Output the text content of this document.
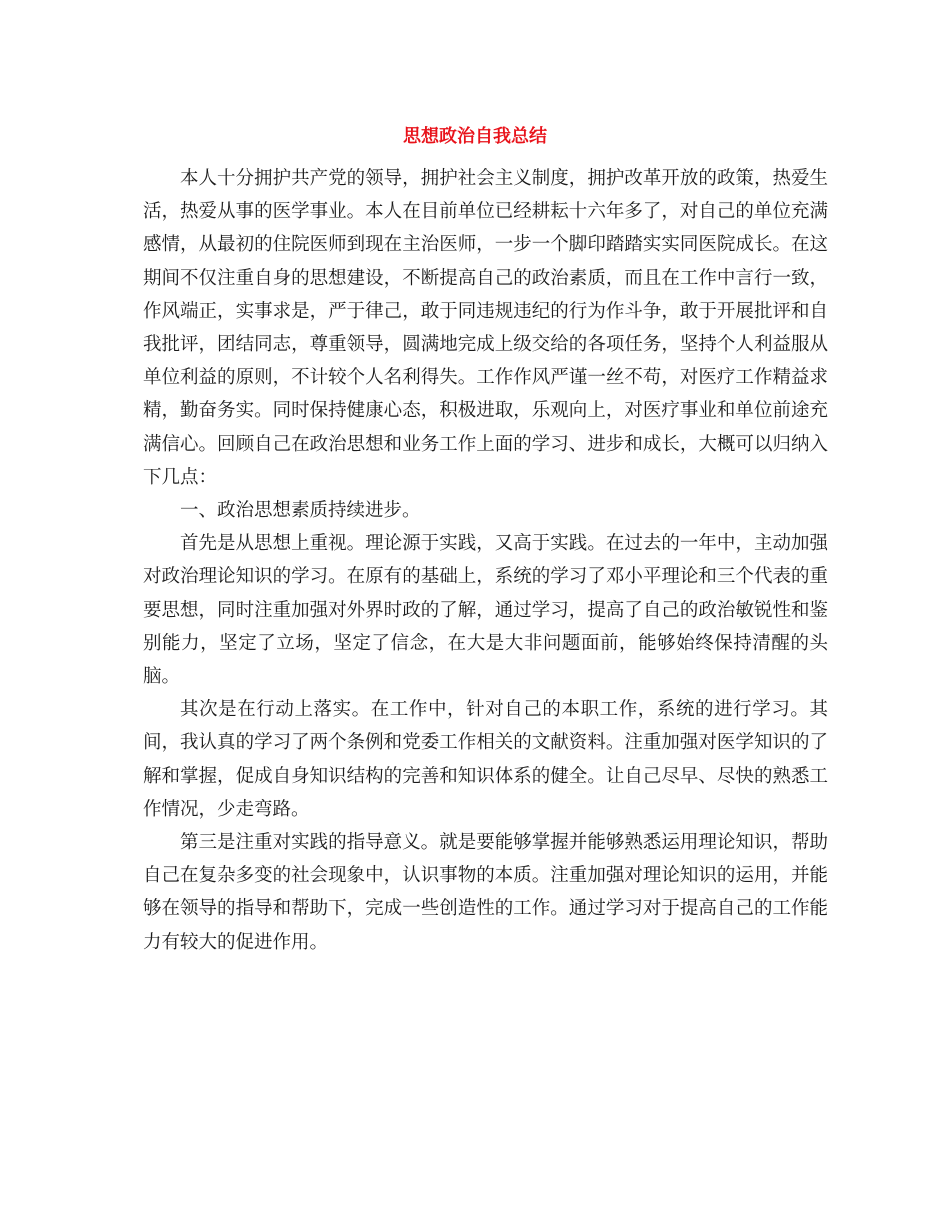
思想政治自我总结

本人十分拥护共产党的领导，拥护社会主义制度，拥护改革开放的政策，热爱生活，热爱从事的医学事业。本人在目前单位已经耕耘十六年多了，对自己的单位充满感情，从最初的住院医师到现在主治医师，一步一个脚印踏踏实实同医院成长。在这期间不仅注重自身的思想建设，不断提高自己的政治素质，而且在工作中言行一致，作风端正，实事求是，严于律己，敢于同违规违纪的行为作斗争，敢于开展批评和自我批评，团结同志，尊重领导，圆满地完成上级交给的各项任务，坚持个人利益服从单位利益的原则，不计较个人名利得失。工作作风严谨一丝不苟，对医疗工作精益求精，勤奋务实。同时保持健康心态，积极进取，乐观向上，对医疗事业和单位前途充满信心。回顾自己在政治思想和业务工作上面的学习、进步和成长，大概可以归纳入下几点：

一、政治思想素质持续进步。

首先是从思想上重视。理论源于实践，又高于实践。在过去的一年中，主动加强对政治理论知识的学习。在原有的基础上，系统的学习了邓小平理论和三个代表的重要思想，同时注重加强对外界时政的了解，通过学习，提高了自己的政治敏锐性和鉴别能力，坚定了立场，坚定了信念，在大是大非问题面前，能够始终保持清醒的头脑。

其次是在行动上落实。在工作中，针对自己的本职工作，系统的进行学习。其间，我认真的学习了两个条例和党委工作相关的文献资料。注重加强对医学知识的了解和掌握，促成自身知识结构的完善和知识体系的健全。让自己尽早、尽快的熟悉工作情况，少走弯路。

第三是注重对实践的指导意义。就是要能够掌握并能够熟悉运用理论知识，帮助自己在复杂多变的社会现象中，认识事物的本质。注重加强对理论知识的运用，并能够在领导的指导和帮助下，完成一些创造性的工作。通过学习对于提高自己的工作能力有较大的促进作用。
